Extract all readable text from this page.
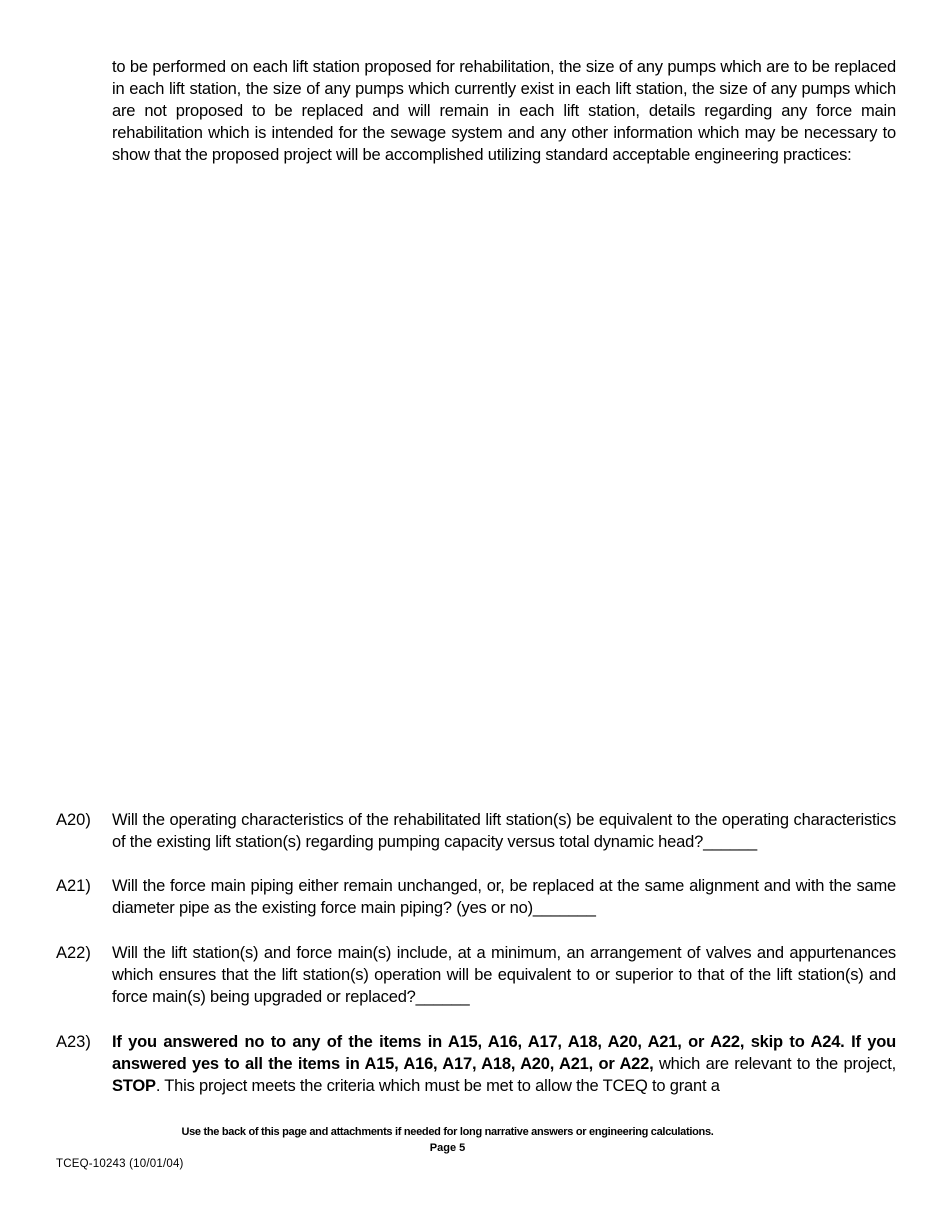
to be performed on each lift station proposed for rehabilitation, the size of any pumps which are to be replaced in each lift station, the size of any pumps which currently exist in each lift station, the size of any pumps which are not proposed to be replaced and will remain in each lift station, details regarding any force main rehabilitation which is intended for the sewage system and any other information which may be necessary to show that the proposed project will be accomplished utilizing standard acceptable engineering practices:
A20) Will the operating characteristics of the rehabilitated lift station(s) be equivalent to the operating characteristics of the existing lift station(s) regarding pumping capacity versus total dynamic head?______
A21) Will the force main piping either remain unchanged, or, be replaced at the same alignment and with the same diameter pipe as the existing force main piping? (yes or no)_______
A22) Will the lift station(s) and force main(s) include, at a minimum, an arrangement of valves and appurtenances which ensures that the lift station(s) operation will be equivalent to or superior to that of the lift station(s) and force main(s) being upgraded or replaced?______
A23) If you answered no to any of the items in A15, A16, A17, A18, A20, A21, or A22, skip to A24. If you answered yes to all the items in A15, A16, A17, A18, A20, A21, or A22, which are relevant to the project, STOP. This project meets the criteria which must be met to allow the TCEQ to grant a
Use the back of this page and attachments if needed for long narrative answers or engineering calculations.
Page 5
TCEQ-10243 (10/01/04)
